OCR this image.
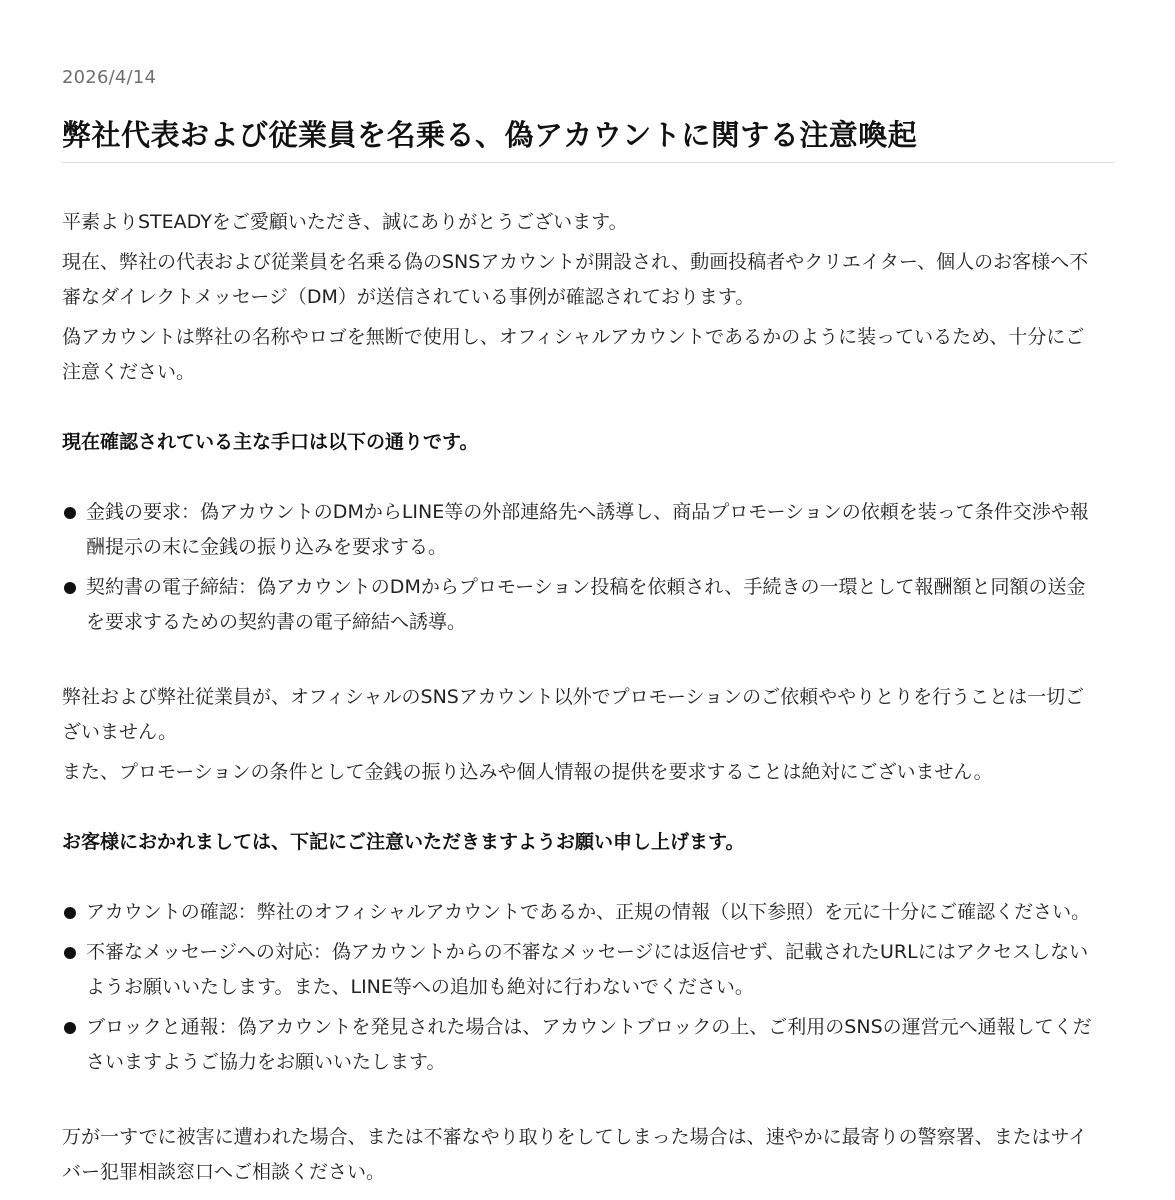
2026/4/14
弊社代表および従業員を名乗る、偽アカウントに関する注意喚起

平素よりSTEADYをご愛顧いただき、誠にありがとうございます。

現在、弊社の代表および従業員を名乗る偽のSNSアカウントが開設され、動画投稿者やクリエイター、個人のお客様へ不審なダイレクトメッセージ（DM）が送信されている事例が確認されております。

偽アカウントは弊社の名称やロゴを無断で使用し、オフィシャルアカウントであるかのように装っているため、十分にご注意ください。

現在確認されている主な手口は以下の通りです。

金銭の要求：偽アカウントのDMからLINE等の外部連絡先へ誘導し、商品プロモーションの依頼を装って条件交渉や報酬提示の末に金銭の振り込みを要求する。
契約書の電子締結：偽アカウントのDMからプロモーション投稿を依頼され、手続きの一環として報酬額と同額の送金を要求するための契約書の電子締結へ誘導。

弊社および弊社従業員が、オフィシャルのSNSアカウント以外でプロモーションのご依頼ややりとりを行うことは一切ございません。

また、プロモーションの条件として金銭の振り込みや個人情報の提供を要求することは絶対にございません。

お客様におかれましては、下記にご注意いただきますようお願い申し上げます。

アカウントの確認：弊社のオフィシャルアカウントであるか、正規の情報（以下参照）を元に十分にご確認ください。
不審なメッセージへの対応：偽アカウントからの不審なメッセージには返信せず、記載されたURLにはアクセスしないようお願いいたします。また、LINE等への追加も絶対に行わないでください。
ブロックと通報：偽アカウントを発見された場合は、アカウントブロックの上、ご利用のSNSの運営元へ通報してくださいますようご協力をお願いいたします。

万が一すでに被害に遭われた場合、または不審なやり取りをしてしまった場合は、速やかに最寄りの警察署、またはサイバー犯罪相談窓口へご相談ください。
